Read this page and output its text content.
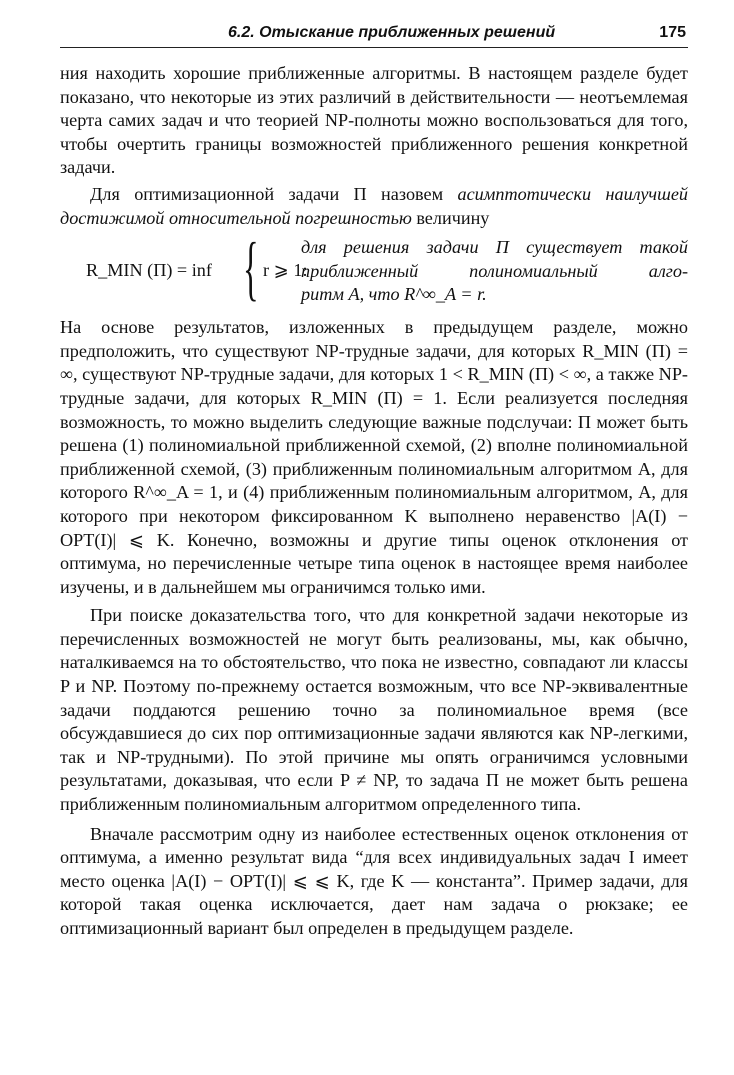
6.2. Отыскание приближенных решений	175

ния находить хорошие приближенные алгоритмы. В настоящем разделе будет показано, что некоторые из этих различий в действительности — неотъемлемая черта самих задач и что теорией NP-полноты можно воспользоваться для того, чтобы очертить границы возможностей приближенного решения конкретной задачи.

Для оптимизационной задачи П назовем асимптотически наилучшей достижимой относительной погрешностью величину

R_MIN (П) = inf { r ⩾ 1:
для решения задачи П существует такой
приближенный полиномиальный алго-
ритм A, что R^∞_A = r.

На основе результатов, изложенных в предыдущем разделе, можно предположить, что существуют NP-трудные задачи, для которых R_MIN (П) = ∞, существуют NP-трудные задачи, для которых 1 < R_MIN (П) < ∞, а также NP-трудные задачи, для которых R_MIN (П) = 1. Если реализуется последняя возможность, то можно выделить следующие важные подслучаи: П может быть решена (1) полиномиальной приближенной схемой, (2) вполне полиномиальной приближенной схемой, (3) приближенным полиномиальным алгоритмом A, для которого R^∞_A = 1, и (4) приближенным полиномиальным алгоритмом, A, для которого при некотором фиксированном K выполнено неравенство |A(I) − OPT(I)| ⩽ K. Конечно, возможны и другие типы оценок отклонения от оптимума, но перечисленные четыре типа оценок в настоящее время наиболее изучены, и в дальнейшем мы ограничимся только ими.

При поиске доказательства того, что для конкретной задачи некоторые из перечисленных возможностей не могут быть реализованы, мы, как обычно, наталкиваемся на то обстоятельство, что пока не известно, совпадают ли классы P и NP. Поэтому по-прежнему остается возможным, что все NP-эквивалентные задачи поддаются решению точно за полиномиальное время (все обсуждавшиеся до сих пор оптимизационные задачи являются как NP-легкими, так и NP-трудными). По этой причине мы опять ограничимся условными результатами, доказывая, что если P ≠ NP, то задача П не может быть решена приближенным полиномиальным алгоритмом определенного типа.

Вначале рассмотрим одну из наиболее естественных оценок отклонения от оптимума, а именно результат вида “для всех индивидуальных задач I имеет место оценка |A(I) − OPT(I)| ⩽ ⩽ K, где K — константа”. Пример задачи, для которой такая оценка исключается, дает нам задача о рюкзаке; ее оптимизационный вариант был определен в предыдущем разделе.
